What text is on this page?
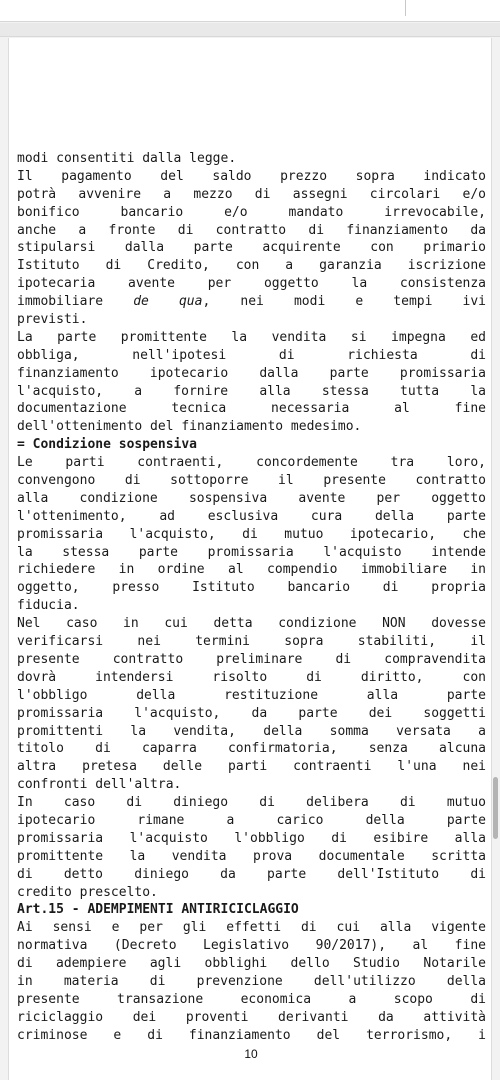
modi consentiti dalla legge.
Il pagamento del saldo prezzo sopra indicato
potrà avvenire a mezzo di assegni circolari e/o
bonifico bancario e/o mandato irrevocabile,
anche a fronte di contratto di finanziamento da
stipularsi dalla parte acquirente con primario
Istituto di Credito, con a garanzia iscrizione
ipotecaria avente per oggetto la consistenza
immobiliare de qua, nei modi e tempi ivi
previsti.
La parte promittente la vendita si impegna ed
obbliga, nell'ipotesi di richiesta di
finanziamento ipotecario dalla parte promissaria
l'acquisto, a fornire alla stessa tutta la
documentazione tecnica necessaria al fine
dell'ottenimento del finanziamento medesimo.
= Condizione sospensiva
Le parti contraenti, concordemente tra loro,
convengono di sottoporre il presente contratto
alla condizione sospensiva avente per oggetto
l'ottenimento, ad esclusiva cura della parte
promissaria l'acquisto, di mutuo ipotecario, che
la stessa parte promissaria l'acquisto intende
richiedere in ordine al compendio immobiliare in
oggetto, presso Istituto bancario di propria
fiducia.
Nel caso in cui detta condizione NON dovesse
verificarsi nei termini sopra stabiliti, il
presente contratto preliminare di compravendita
dovrà intendersi risolto di diritto, con
l'obbligo della restituzione alla parte
promissaria l'acquisto, da parte dei soggetti
promittenti la vendita, della somma versata a
titolo di caparra confirmatoria, senza alcuna
altra pretesa delle parti contraenti l'una nei
confronti dell'altra.
In caso di diniego di delibera di mutuo
ipotecario rimane a carico della parte
promissaria l'acquisto l'obbligo di esibire alla
promittente la vendita prova documentale scritta
di detto diniego da parte dell'Istituto di
credito prescelto.
Art.15 - ADEMPIMENTI ANTIRICICLAGGIO
Ai sensi e per gli effetti di cui alla vigente
normativa (Decreto Legislativo 90/2017), al fine
di adempiere agli obblighi dello Studio Notarile
in materia di prevenzione dell'utilizzo della
presente transazione economica a scopo di
riciclaggio dei proventi derivanti da attività
criminose e di finanziamento del terrorismo, i
10
